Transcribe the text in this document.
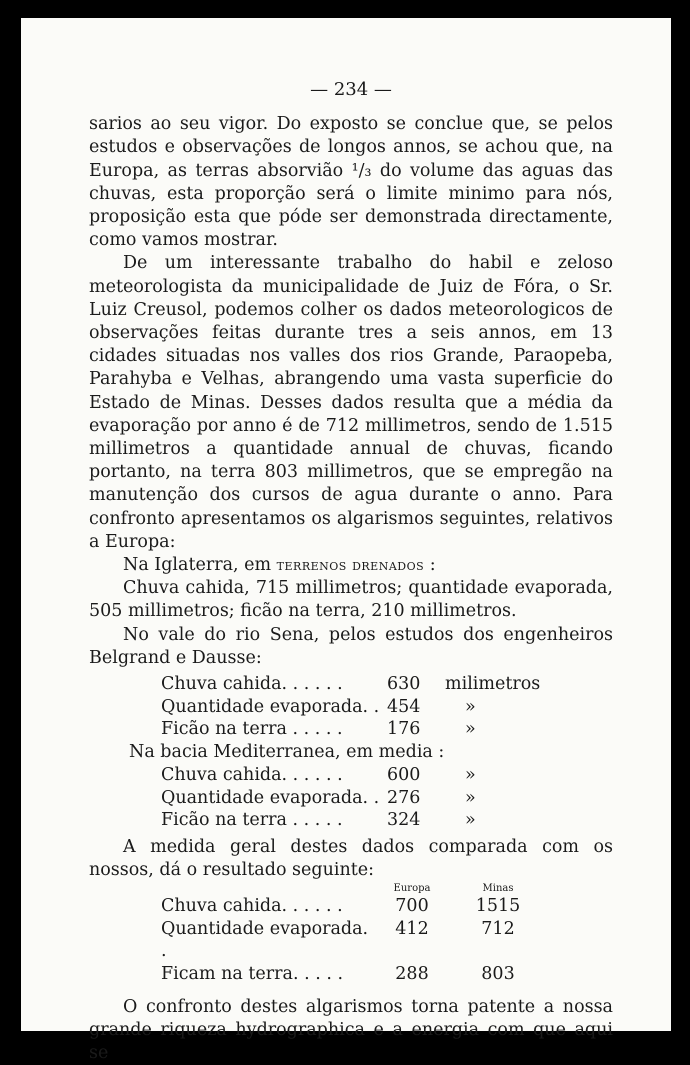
— 234 —

sarios ao seu vigor. Do exposto se conclue que, se pelos estudos e observações de longos annos, se achou que, na Europa, as terras absorvião ¹/₃ do volume das aguas das chuvas, esta proporção será o limite minimo para nós, proposição esta que póde ser demonstrada directamente, como vamos mostrar.

De um interessante trabalho do habil e zeloso meteorologista da municipalidade de Juiz de Fóra, o Sr. Luiz Creusol, podemos colher os dados meteorologicos de observações feitas durante tres a seis annos, em 13 cidades situadas nos valles dos rios Grande, Paraopeba, Parahyba e Velhas, abrangendo uma vasta superficie do Estado de Minas. Desses dados resulta que a média da evaporação por anno é de 712 millimetros, sendo de 1.515 millimetros a quantidade annual de chuvas, ficando portanto, na terra 803 millimetros, que se empregão na manutenção dos cursos de agua durante o anno. Para confronto apresentamos os algarismos seguintes, relativos a Europa:

Na Iglaterra, em terrenos drenados :

Chuva cahida, 715 millimetros; quantidade evaporada, 505 millimetros; ficão na terra, 210 millimetros.

No vale do rio Sena, pelos estudos dos engenheiros Belgrand e Dausse:

Chuva cahida. . . . . .	630	milimetros
Quantidade evaporada. .	454	»
Ficão na terra . . . . .	176	»
Na bacia Mediterranea, em media :
Chuva cahida. . . . . .	600	»
Quantidade evaporada. .	276	»
Ficão na terra . . . . .	324	»

A medida geral destes dados comparada com os nossos, dá o resultado seguinte:

	Europa	Minas
Chuva cahida. . . . . .	700	1515
Quantidade evaporada. .	412	712
Ficam na terra. . . . .	288	803

O confronto destes algarismos torna patente a nossa grande riqueza hydrographica e a energia com que aqui se
